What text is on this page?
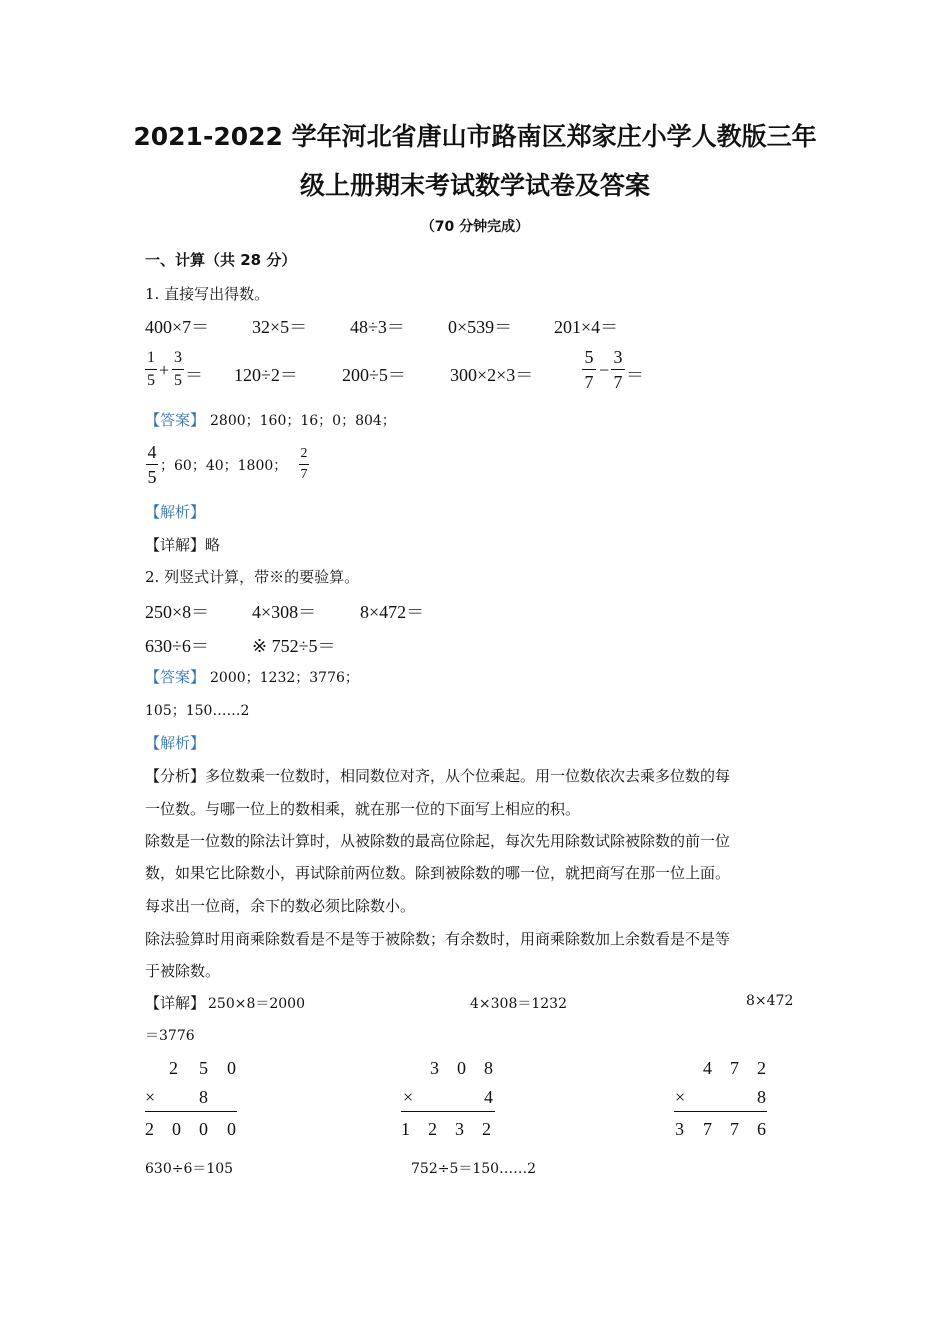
2021-2022 学年河北省唐山市路南区郑家庄小学人教版三年
级上册期末考试数学试卷及答案
（70 分钟完成）
一、计算（共 28 分）
1. 直接写出得数。
400×7＝ 32×5＝ 48÷3＝ 0×539＝ 201×4＝
1
5
+
3
5 ＝ 120÷2＝ 200÷5＝ 300×2×3＝
5
7
−
3
7 ＝
【答案】 2800；160；16；0；804；
4
5
；60；40；1800；
2
7
【解析】
【详解】略
2. 列竖式计算，带※的要验算。
250×8＝ 4×308＝ 8×472＝
630÷6＝ ※ 752÷5＝
【答案】 2000；1232；3776；
105；150……2
【解析】
【分析】多位数乘一位数时，相同数位对齐，从个位乘起。用一位数依次去乘多位数的每
一位数。与哪一位上的数相乘，就在那一位的下面写上相应的积。
除数是一位数的除法计算时，从被除数的最高位除起，每次先用除数试除被除数的前一位
数，如果它比除数小，再试除前两位数。除到被除数的哪一位，就把商写在那一位上面。
每求出一位商，余下的数必须比除数小。
除法验算时用商乘除数看是不是等于被除数；有余数时，用商乘除数加上余数看是不是等
于被除数。
【详解】 250×8＝2000	4×308＝1232	8×472
＝3776
2 5 0
× 8
2 0 0 0
3 0 8
×	4
1 2 3 2
4 7 2
×	8
3 7 7 6
630÷6＝105	752÷5＝150……2
